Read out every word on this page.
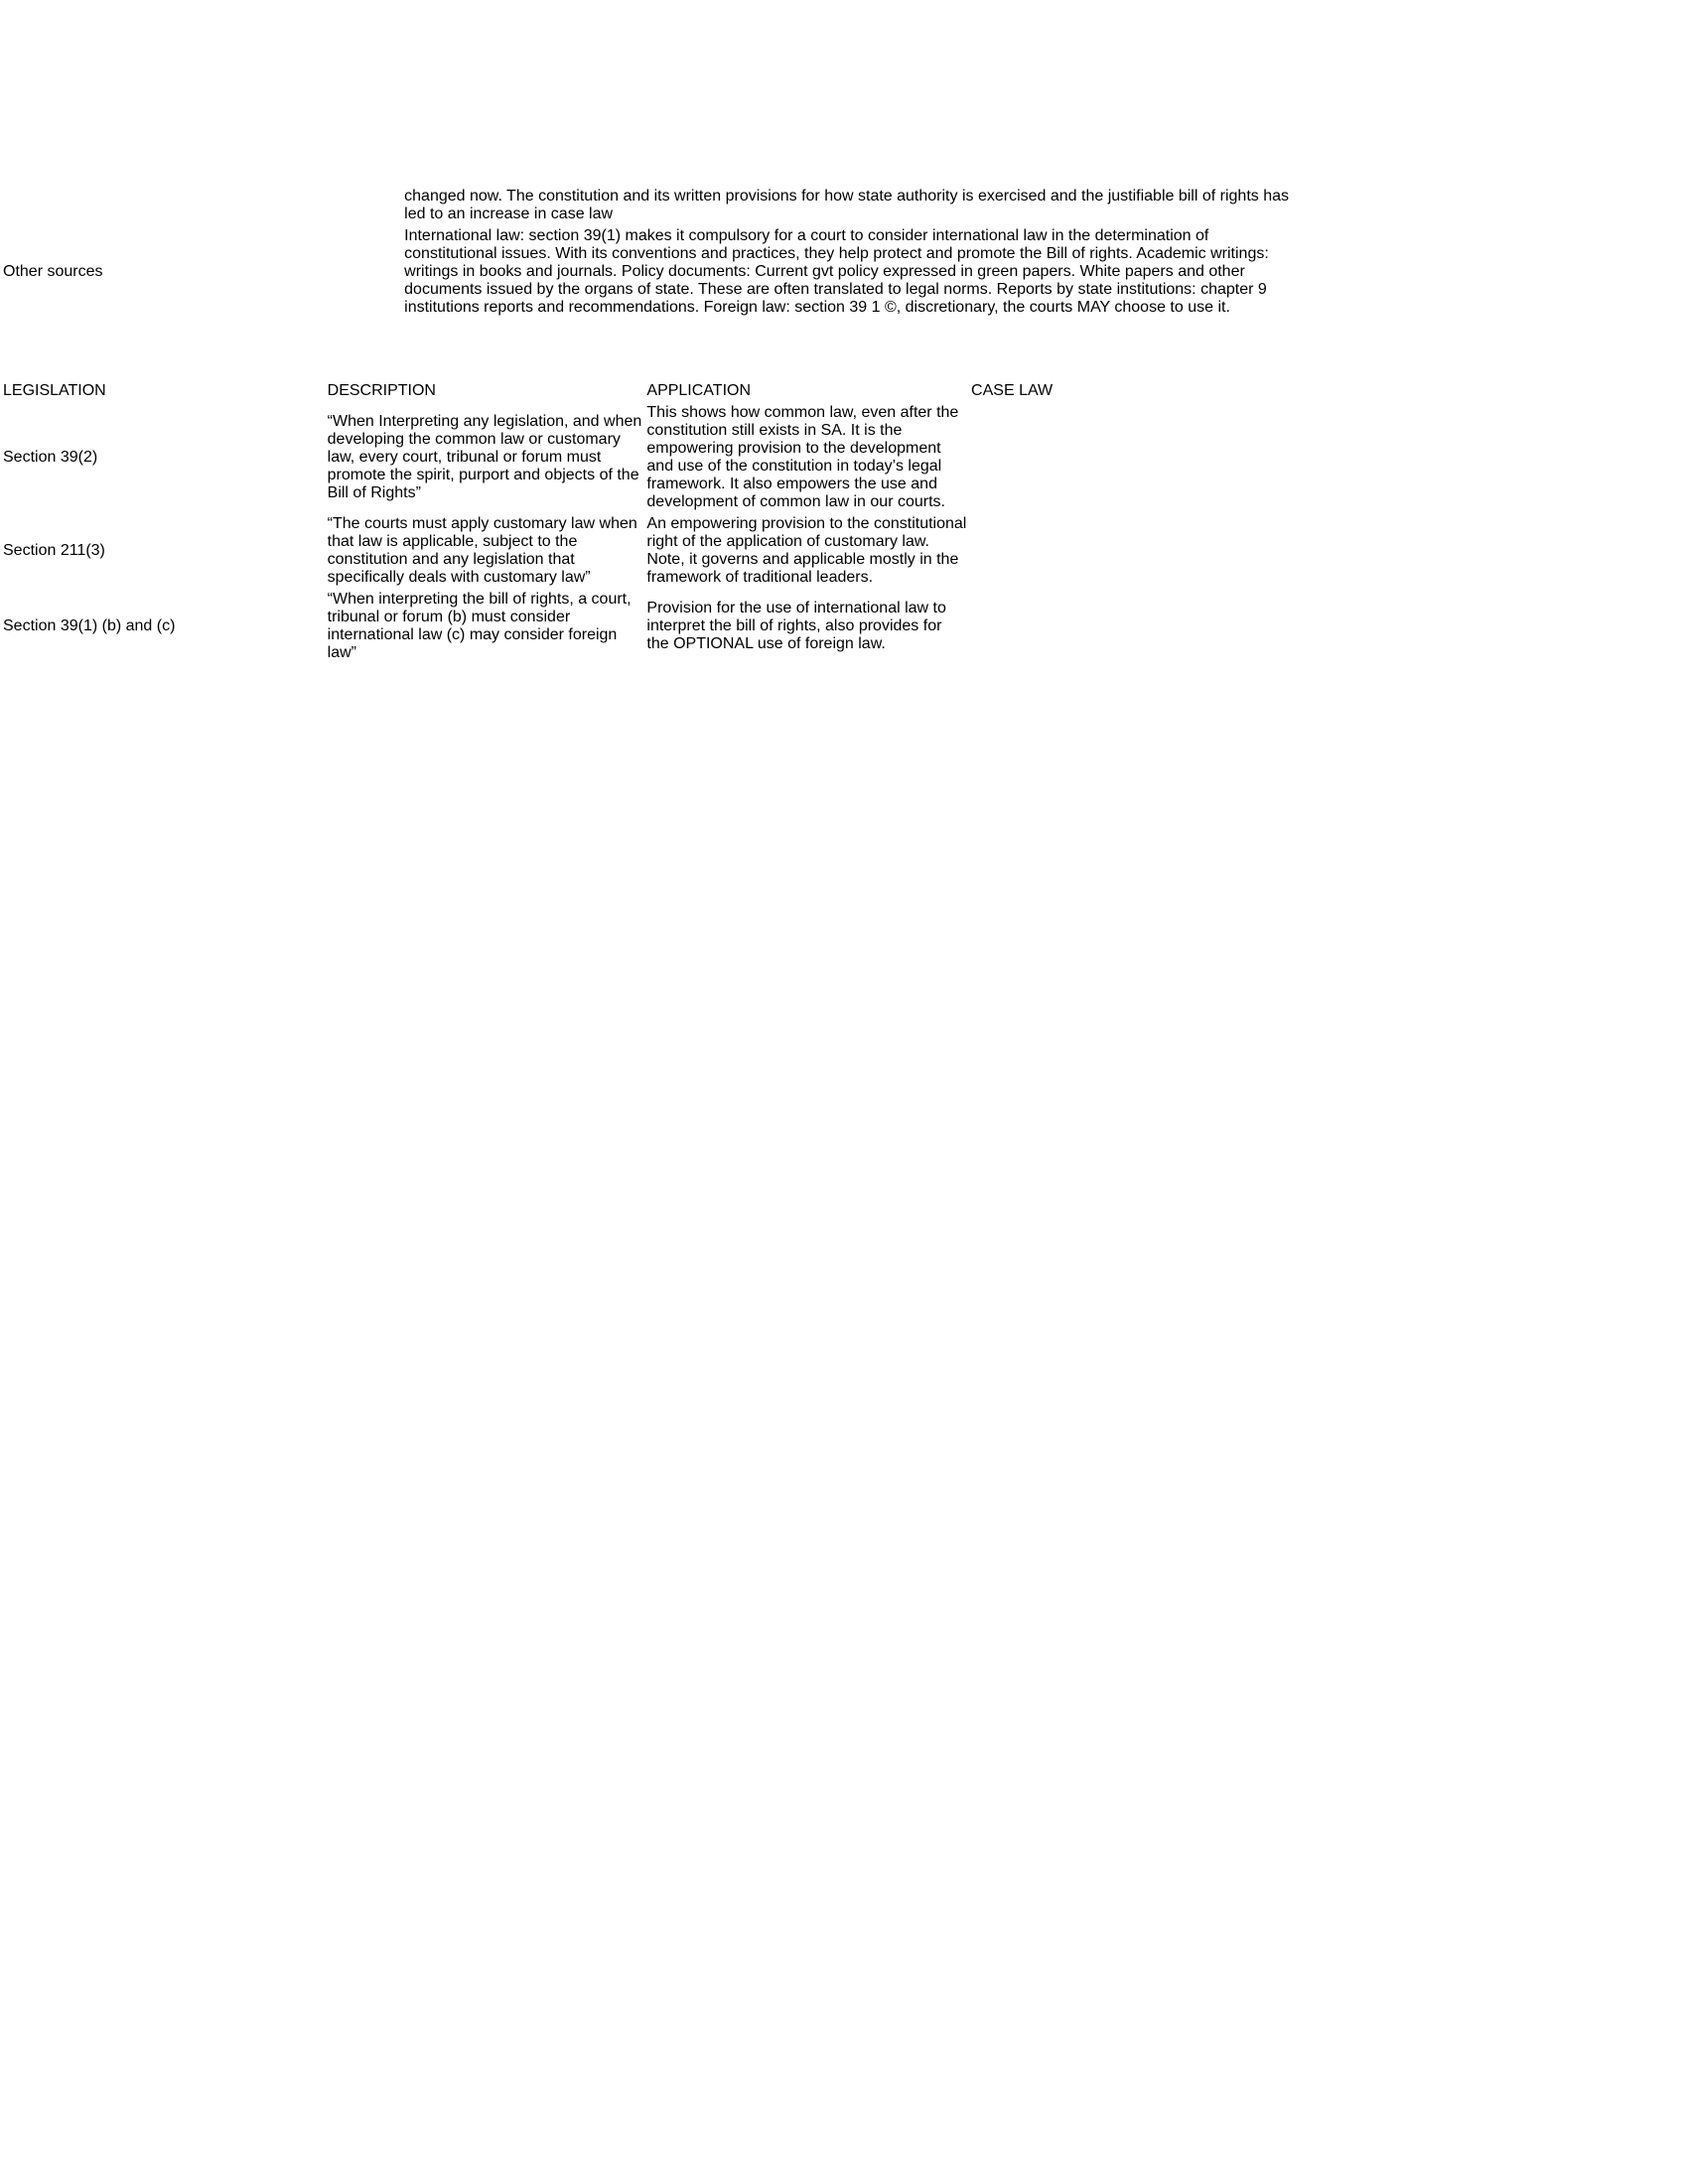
	changed now. The constitution and its written provisions for how state authority is exercised and the justifiable bill of rights has led to an increase in case law
Other sources	International law: section 39(1) makes it compulsory for a court to consider international law in the determination of constitutional issues. With its conventions and practices, they help protect and promote the Bill of rights. Academic writings: writings in books and journals. Policy documents: Current gvt policy expressed in green papers. White papers and other documents issued by the organs of state. These are often translated to legal norms. Reports by state institutions: chapter 9 institutions reports and recommendations. Foreign law: section 39 1 ©, discretionary, the courts MAY choose to use it.
LEGISLATION	DESCRIPTION	APPLICATION	CASE LAW
Section 39(2)	“When Interpreting any legislation, and when developing the common law or customary law, every court, tribunal or forum must promote the spirit, purport and objects of the Bill of Rights”	This shows how common law, even after the constitution still exists in SA. It is the empowering provision to the development and use of the constitution in today’s legal framework. It also empowers the use and development of common law in our courts.	
Section 211(3)	“The courts must apply customary law when that law is applicable, subject to the constitution and any legislation that specifically deals with customary law”	An empowering provision to the constitutional right of the application of customary law. Note, it governs and applicable mostly in the framework of traditional leaders.	
Section 39(1) (b) and (c)	“When interpreting the bill of rights, a court, tribunal or forum (b) must consider international law (c) may consider foreign law”	Provision for the use of international law to interpret the bill of rights, also provides for the OPTIONAL use of foreign law.	
